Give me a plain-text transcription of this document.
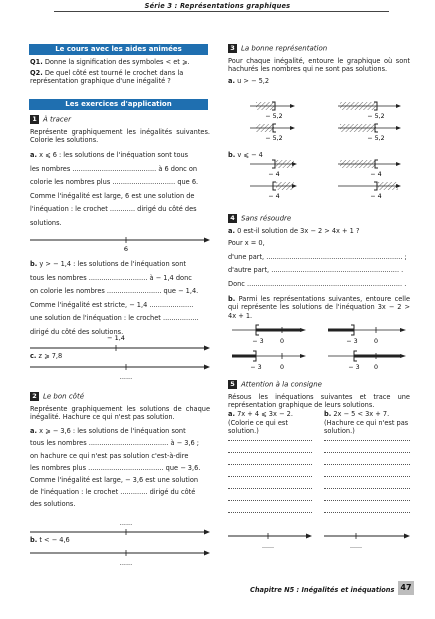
Série 3 : Représentations graphiques
Le cours avec les aides animées

Q1. Donne la signification des symboles < et ⩾.

Q2. De quel côté est tourné le crochet dans la représentation graphique d'une inégalité ?

Les exercices d'application

1 À tracer

Représente graphiquement les inégalités suivantes. Colorie les solutions.

a. x ⩽ 6 : les solutions de l'inéquation sont tous

les nombres ........................................ à 6 donc on

colorie les nombres plus .............................. que 6.

Comme l'inégalité est large, 6 est une solution de

l'inéquation : le crochet ............ dirigé du côté des

solutions.

6

b. y > − 1,4 : les solutions de l'inéquation sont

tous les nombres ............................ à − 1,4 donc

on colorie les nombres .......................... que − 1,4.

Comme l'inégalité est stricte, − 1,4 .....................

une solution de l'inéquation : le crochet .................

dirigé du côté des solutions.

− 1,4
c. z ⩾ 7,8
......

2 Le bon côté

Représente graphiquement les solutions de chaque inégalité. Hachure ce qui n'est pas solution.

a. x ⩾ − 3,6 : les solutions de l'inéquation sont

tous les nombres ...................................... à − 3,6 ;

on hachure ce qui n'est pas solution c'est-à-dire

les nombres plus .................................... que − 3,6.

Comme l'inégalité est large, − 3,6 est une solution

de l'inéquation : le crochet ............. dirigé du côté

des solutions.

......
b. t < − 4,6
......

3 La bonne représentation

Pour chaque inégalité, entoure le graphique où sont hachurés les nombres qui ne sont pas solutions.

a. u > − 5,2

− 5,2	− 5,2
− 5,2	− 5,2
b. v ⩽ − 4
− 4	− 4
− 4	− 4

4 Sans résoudre

a. 0 est-il solution de 3x − 2 > 4x + 1 ?

Pour x = 0,

d'une part, ................................................................. ;

d'autre part, ............................................................. .

Donc .......................................................................... .

b. Parmi les représentations suivantes, entoure celle qui représente les solutions de l'inéquation 3x − 2 > 4x + 1.

− 3	0	− 3	0
− 3	0	− 3 0

5 Attention à la consigne

Résous les inéquations suivantes et trace une représentation graphique de leurs solutions.

a. 7x + 4 ⩽ 3x − 2.

(Colorie ce qui est solution.)

b. 2x − 5 < 3x + 7.

(Hachure ce qui n'est pas solution.)

......	......
Chapitre N5 : Inégalités et inéquations 47
